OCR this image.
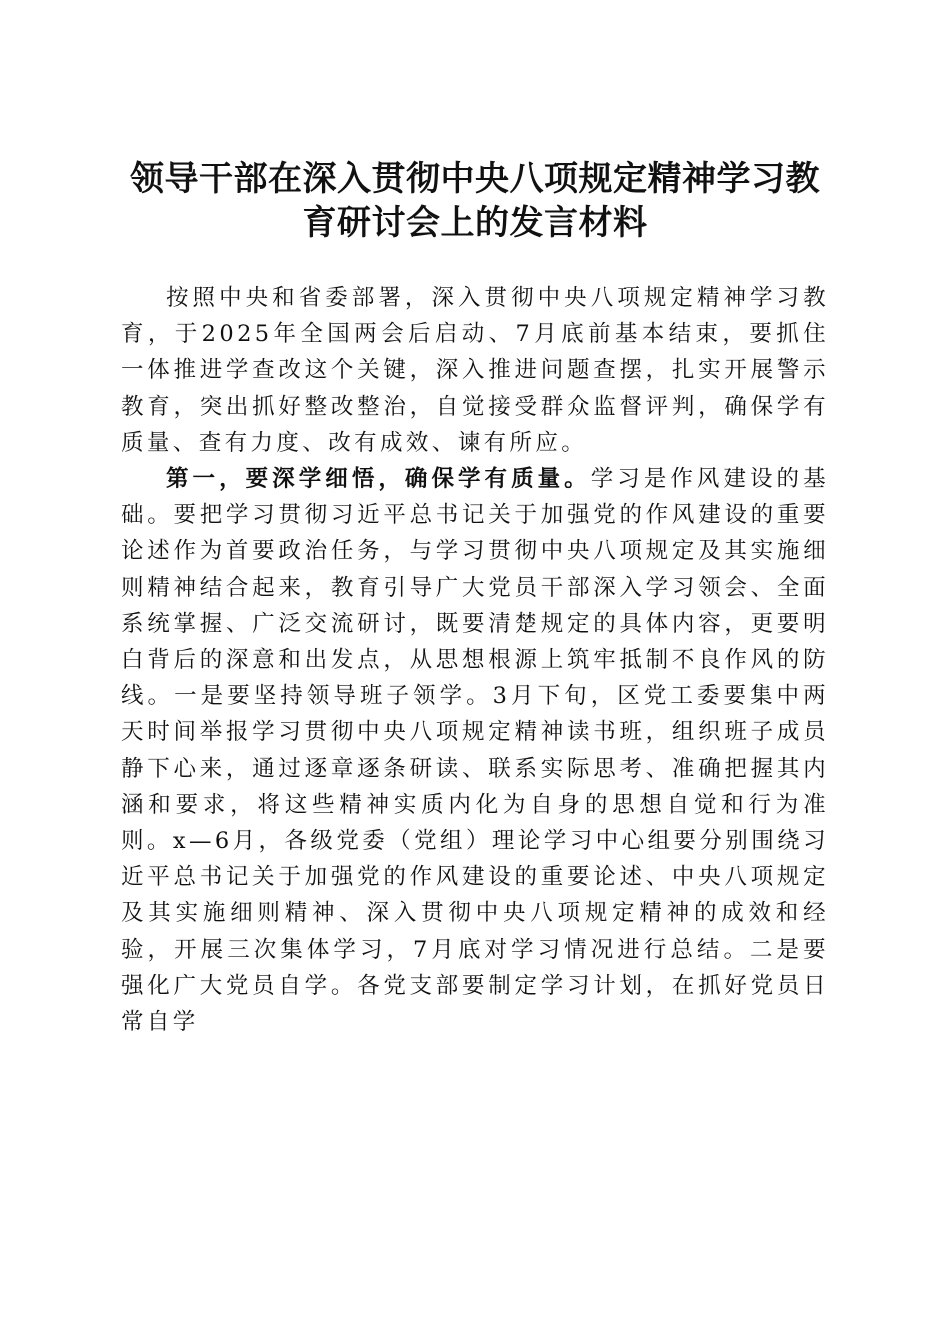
领导干部在深入贯彻中央八项规定精神学习教
育研讨会上的发言材料

按照中央和省委部署，深入贯彻中央八项规定精神学习教育，于2025年全国两会后启动、7月底前基本结束，要抓住一体推进学查改这个关键，深入推进问题查摆，扎实开展警示教育，突出抓好整改整治，自觉接受群众监督评判，确保学有质量、查有力度、改有成效、谏有所应。

第一，要深学细悟，确保学有质量。学习是作风建设的基础。要把学习贯彻习近平总书记关于加强党的作风建设的重要论述作为首要政治任务，与学习贯彻中央八项规定及其实施细则精神结合起来，教育引导广大党员干部深入学习领会、全面系统掌握、广泛交流研讨，既要清楚规定的具体内容，更要明白背后的深意和出发点，从思想根源上筑牢抵制不良作风的防线。一是要坚持领导班子领学。3月下旬，区党工委要集中两天时间举报学习贯彻中央八项规定精神读书班，组织班子成员静下心来，通过逐章逐条研读、联系实际思考、准确把握其内涵和要求，将这些精神实质内化为自身的思想自觉和行为准则。x—6月，各级党委（党组）理论学习中心组要分别围绕习近平总书记关于加强党的作风建设的重要论述、中央八项规定及其实施细则精神、深入贯彻中央八项规定精神的成效和经验，开展三次集体学习，7月底对学习情况进行总结。二是要强化广大党员自学。各党支部要制定学习计划，在抓好党员日常自学
